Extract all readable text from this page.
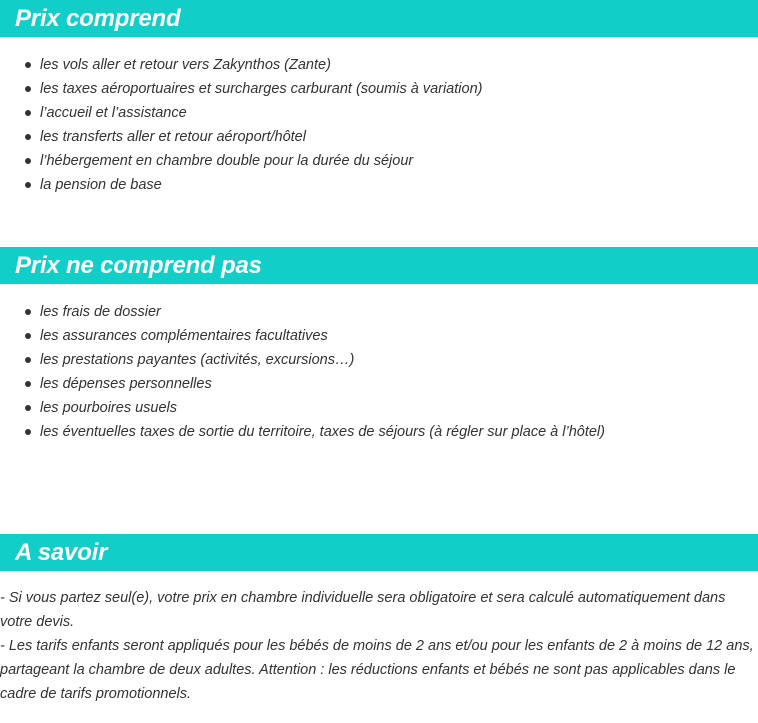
Prix comprend
les vols aller et retour vers Zakynthos (Zante)
les taxes aéroportuaires et surcharges carburant (soumis à variation)
l’accueil et l’assistance
les transferts aller et retour aéroport/hôtel
l’hébergement en chambre double pour la durée du séjour
la pension de base
Prix ne comprend pas
les frais de dossier
les assurances complémentaires facultatives
les prestations payantes (activités, excursions…)
les dépenses personnelles
les pourboires usuels
les éventuelles taxes de sortie du territoire, taxes de séjours (à régler sur place à l’hôtel)
A savoir

- Si vous partez seul(e), votre prix en chambre individuelle sera obligatoire et sera calculé automatiquement dans votre devis.

- Les tarifs enfants seront appliqués pour les bébés de moins de 2 ans et/ou pour les enfants de 2 à moins de 12 ans, partageant la chambre de deux adultes. Attention : les réductions enfants et bébés ne sont pas applicables dans le cadre de tarifs promotionnels.
